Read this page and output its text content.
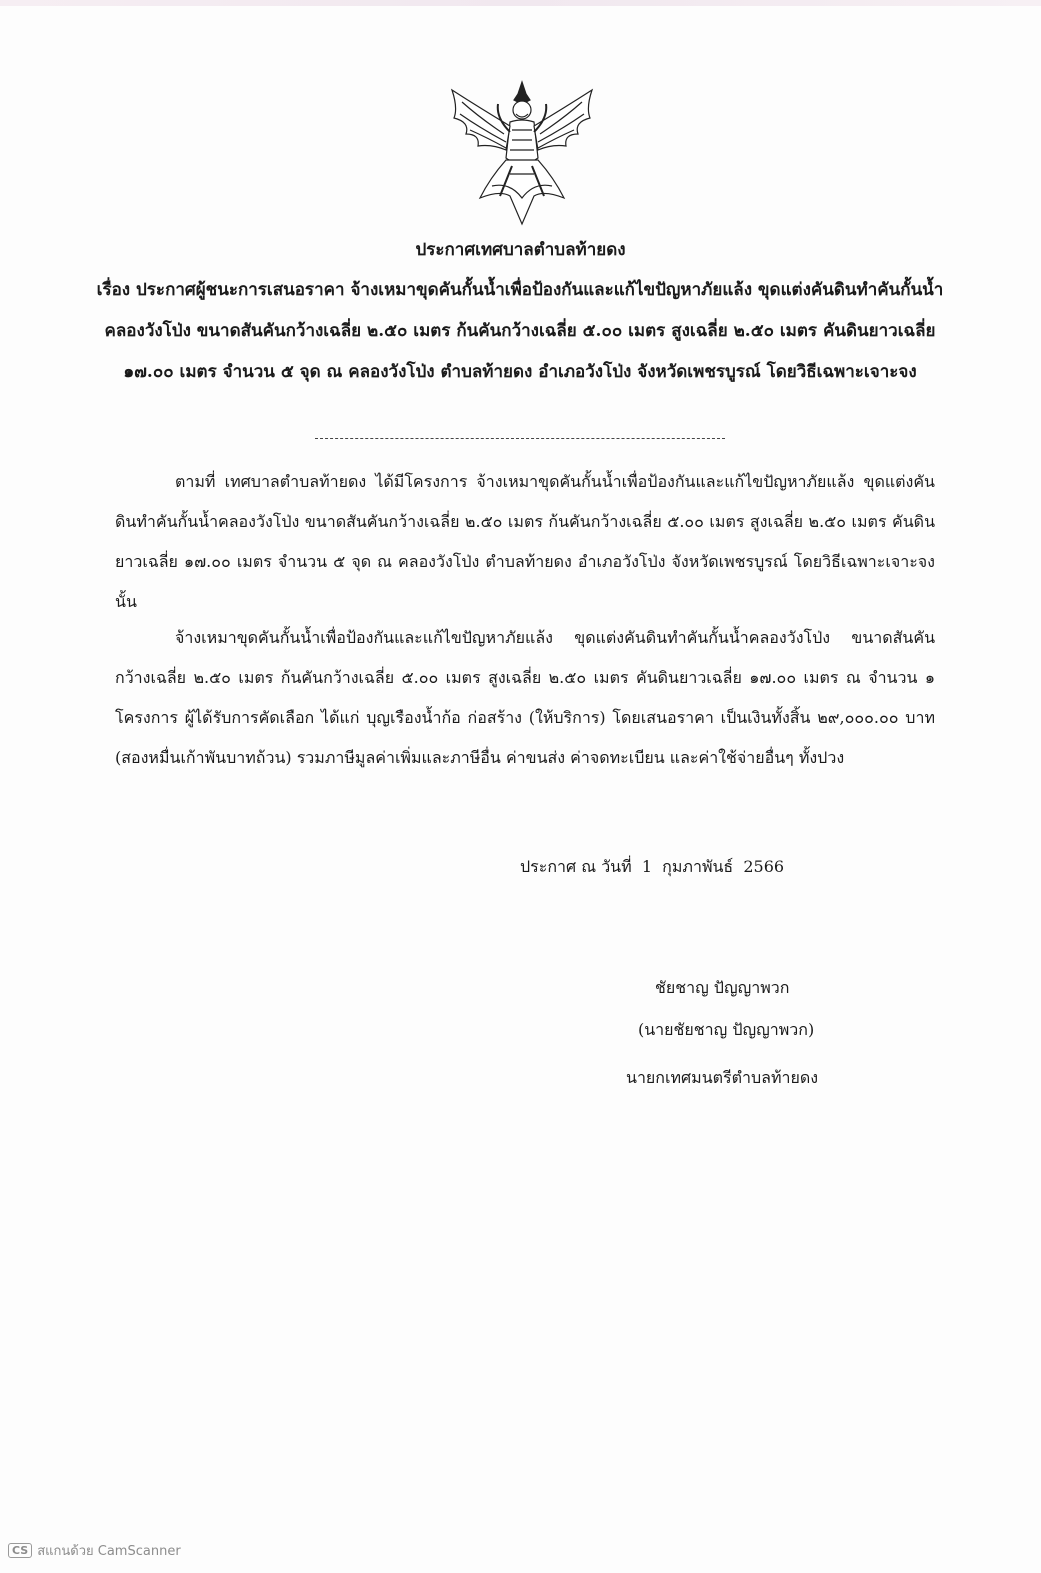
ประกาศเทศบาลตำบลท้ายดง
เรื่อง ประกาศผู้ชนะการเสนอราคา จ้างเหมาขุดคันกั้นน้ำเพื่อป้องกันและแก้ไขปัญหาภัยแล้ง ขุดแต่งคันดินทำคันกั้นน้ำคลองวังโป่ง ขนาดสันคันกว้างเฉลี่ย ๒.๕๐ เมตร ก้นคันกว้างเฉลี่ย ๕.๐๐ เมตร สูงเฉลี่ย ๒.๕๐ เมตร คันดินยาวเฉลี่ย ๑๗.๐๐ เมตร จำนวน ๕ จุด ณ คลองวังโป่ง ตำบลท้ายดง อำเภอวังโป่ง จังหวัดเพชรบูรณ์ โดยวิธีเฉพาะเจาะจง
ตามที่ เทศบาลตำบลท้ายดง ได้มีโครงการ จ้างเหมาขุดคันกั้นน้ำเพื่อป้องกันและแก้ไขปัญหาภัยแล้ง ขุดแต่งคันดินทำคันกั้นน้ำคลองวังโป่ง ขนาดสันคันกว้างเฉลี่ย ๒.๕๐ เมตร ก้นคันกว้างเฉลี่ย ๕.๐๐ เมตร สูงเฉลี่ย ๒.๕๐ เมตร คันดินยาวเฉลี่ย ๑๗.๐๐ เมตร จำนวน ๕ จุด ณ คลองวังโป่ง ตำบลท้ายดง อำเภอวังโป่ง จังหวัดเพชรบูรณ์ โดยวิธีเฉพาะเจาะจง นั้น
จ้างเหมาขุดคันกั้นน้ำเพื่อป้องกันและแก้ไขปัญหาภัยแล้ง ขุดแต่งคันดินทำคันกั้นน้ำคลองวังโป่ง ขนาดสันคันกว้างเฉลี่ย ๒.๕๐ เมตร ก้นคันกว้างเฉลี่ย ๕.๐๐ เมตร สูงเฉลี่ย ๒.๕๐ เมตร คันดินยาวเฉลี่ย ๑๗.๐๐ เมตร ณ จำนวน ๑ โครงการ ผู้ได้รับการคัดเลือก ได้แก่ บุญเรืองน้ำก้อ ก่อสร้าง (ให้บริการ) โดยเสนอราคา เป็นเงินทั้งสิ้น ๒๙,๐๐๐.๐๐ บาท (สองหมื่นเก้าพันบาทถ้วน) รวมภาษีมูลค่าเพิ่มและภาษีอื่น ค่าขนส่ง ค่าจดทะเบียน และค่าใช้จ่ายอื่นๆ ทั้งปวง
ประกาศ ณ วันที่  1  กุมภาพันธ์  2566
ชัยชาญ ปัญญาพวก
(นายชัยชาญ ปัญญาพวก)
นายกเทศมนตรีตำบลท้ายดง
CS สแกนด้วย CamScanner
